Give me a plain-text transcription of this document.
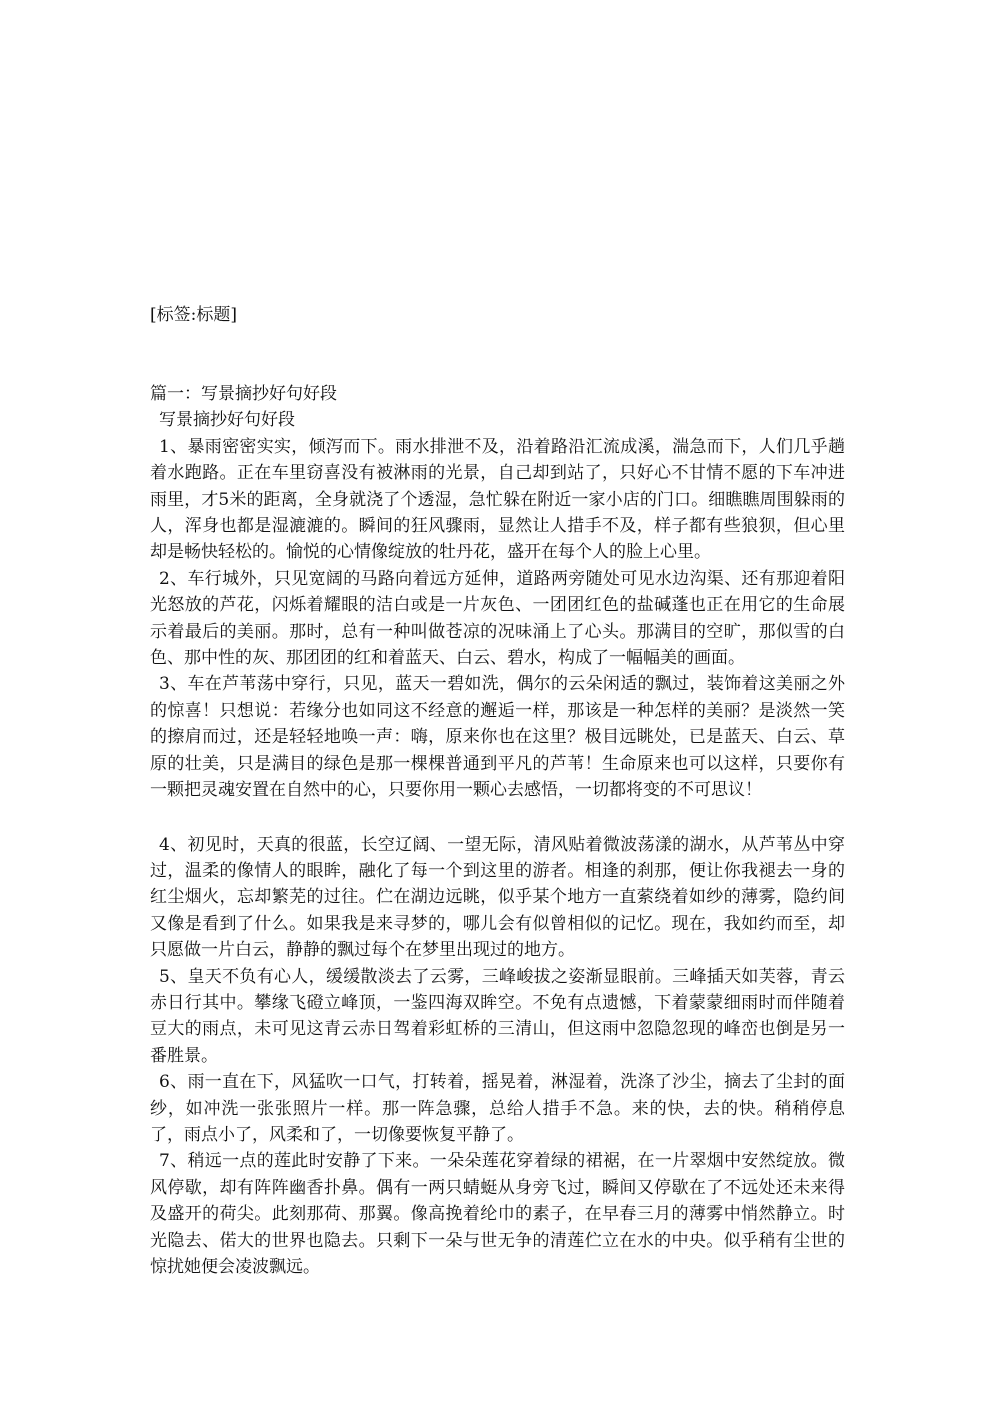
[标签:标题]

篇一：写景摘抄好句好段

写景摘抄好句好段

1、暴雨密密实实，倾泻而下。雨水排泄不及，沿着路沿汇流成溪，湍急而下，人们几乎趟着水跑路。正在车里窃喜没有被淋雨的光景，自己却到站了，只好心不甘情不愿的下车冲进雨里，才5米的距离，全身就浇了个透湿，急忙躲在附近一家小店的门口。细瞧瞧周围躲雨的人，浑身也都是湿漉漉的。瞬间的狂风骤雨，显然让人措手不及，样子都有些狼狈，但心里却是畅快轻松的。愉悦的心情像绽放的牡丹花，盛开在每个人的脸上心里。

2、车行城外，只见宽阔的马路向着远方延伸，道路两旁随处可见水边沟渠、还有那迎着阳光怒放的芦花，闪烁着耀眼的洁白或是一片灰色、一团团红色的盐碱蓬也正在用它的生命展示着最后的美丽。那时，总有一种叫做苍凉的况味涌上了心头。那满目的空旷，那似雪的白色、那中性的灰、那团团的红和着蓝天、白云、碧水，构成了一幅幅美的画面。

3、车在芦苇荡中穿行，只见，蓝天一碧如洗，偶尔的云朵闲适的飘过，装饰着这美丽之外的惊喜！只想说：若缘分也如同这不经意的邂逅一样，那该是一种怎样的美丽？是淡然一笑的擦肩而过，还是轻轻地唤一声：嗨，原来你也在这里？极目远眺处，已是蓝天、白云、草原的壮美，只是满目的绿色是那一棵棵普通到平凡的芦苇！生命原来也可以这样，只要你有一颗把灵魂安置在自然中的心，只要你用一颗心去感悟，一切都将变的不可思议！

4、初见时，天真的很蓝，长空辽阔、一望无际，清风贴着微波荡漾的湖水，从芦苇丛中穿过，温柔的像情人的眼眸，融化了每一个到这里的游者。相逢的刹那，便让你我褪去一身的红尘烟火，忘却繁芜的过往。伫在湖边远眺，似乎某个地方一直萦绕着如纱的薄雾，隐约间又像是看到了什么。如果我是来寻梦的，哪儿会有似曾相似的记忆。现在，我如约而至，却只愿做一片白云，静静的飘过每个在梦里出现过的地方。

5、皇天不负有心人，缓缓散淡去了云雾，三峰峻拔之姿渐显眼前。三峰插天如芙蓉，青云赤日行其中。攀缘飞磴立峰顶，一鉴四海双眸空。不免有点遗憾，下着蒙蒙细雨时而伴随着豆大的雨点，未可见这青云赤日驾着彩虹桥的三清山，但这雨中忽隐忽现的峰峦也倒是另一番胜景。

6、雨一直在下，风猛吹一口气，打转着，摇晃着，淋湿着，洗涤了沙尘，摘去了尘封的面纱，如冲洗一张张照片一样。那一阵急骤，总给人措手不急。来的快，去的快。稍稍停息了，雨点小了，风柔和了，一切像要恢复平静了。

7、稍远一点的莲此时安静了下来。一朵朵莲花穿着绿的裙裾，在一片翠烟中安然绽放。微风停歇，却有阵阵幽香扑鼻。偶有一两只蜻蜓从身旁飞过，瞬间又停歇在了不远处还未来得及盛开的荷尖。此刻那荷、那翼。像高挽着纶巾的素子，在早春三月的薄雾中悄然静立。时光隐去、偌大的世界也隐去。只剩下一朵与世无争的清莲伫立在水的中央。似乎稍有尘世的惊扰她便会凌波飘远。
